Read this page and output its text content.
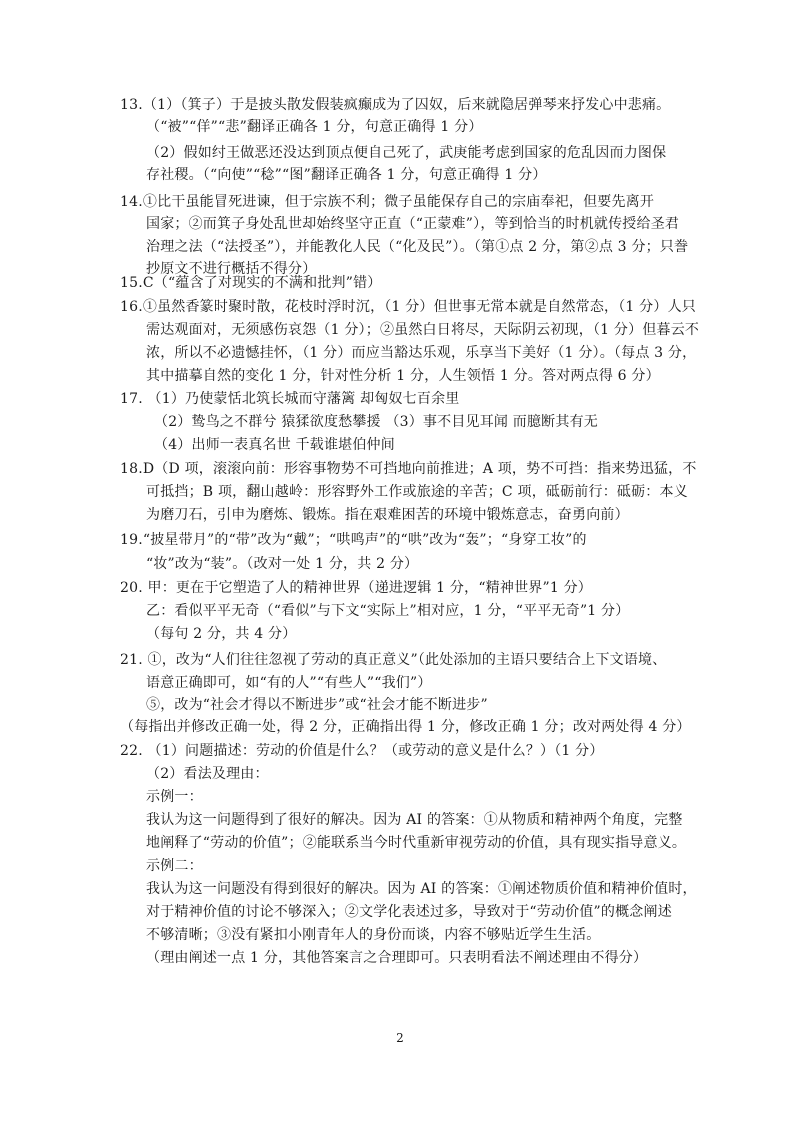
13.（1）（箕子）于是披头散发假装疯癫成为了囚奴，后来就隐居弹琴来抒发心中悲痛。
（“被”“佯”“悲”翻译正确各 1 分，句意正确得 1 分）
（2）假如纣王做恶还没达到顶点便自己死了，武庚能考虑到国家的危乱因而力图保
存社稷。（“向使”“稔”“图”翻译正确各 1 分，句意正确得 1 分）
14.①比干虽能冒死进谏，但于宗族不利；微子虽能保存自己的宗庙奉祀，但要先离开
国家；②而箕子身处乱世却始终坚守正直（“正蒙难”），等到恰当的时机就传授给圣君
治理之法（“法授圣”），并能教化人民（“化及民”）。（第①点 2 分，第②点 3 分；只誊
抄原文不进行概括不得分）
15.C（“蕴含了对现实的不满和批判”错）
16.①虽然香篆时聚时散，花枝时浮时沉，（1 分）但世事无常本就是自然常态，（1 分）人只
需达观面对，无须感伤哀怨（1 分）；②虽然白日将尽，天际阴云初现，（1 分）但暮云不
浓，所以不必遗憾挂怀，（1 分）而应当豁达乐观，乐享当下美好（1 分）。（每点 3 分，
其中描摹自然的变化 1 分，针对性分析 1 分，人生领悟 1 分。答对两点得 6 分）
17. （1）乃使蒙恬北筑长城而守藩篱 却匈奴七百余里
（2）鸷鸟之不群兮 猿猱欲度愁攀援 （3）事不目见耳闻 而臆断其有无
（4）出师一表真名世 千载谁堪伯仲间
18.D（D 项，滚滚向前：形容事物势不可挡地向前推进；A 项，势不可挡：指来势迅猛，不
可抵挡；B 项，翻山越岭：形容野外工作或旅途的辛苦；C 项，砥砺前行：砥砺：本义
为磨刀石，引申为磨炼、锻炼。指在艰难困苦的环境中锻炼意志，奋勇向前）
19.“披星带月”的“带”改为“戴”；“哄鸣声”的“哄”改为“轰”；“身穿工妆”的
“妆”改为“装”。（改对一处 1 分，共 2 分）
20. 甲：更在于它塑造了人的精神世界（递进逻辑 1 分，“精神世界”1 分）
乙：看似平平无奇（“看似”与下文“实际上”相对应，1 分，“平平无奇”1 分）
（每句 2 分，共 4 分）
21. ①，改为“人们往往忽视了劳动的真正意义”（此处添加的主语只要结合上下文语境、
语意正确即可，如“有的人”“有些人”“我们”）
⑤，改为“社会才得以不断进步”或“社会才能不断进步”
（每指出并修改正确一处，得 2 分，正确指出得 1 分，修改正确 1 分；改对两处得 4 分）
22. （1）问题描述：劳动的价值是什么？（或劳动的意义是什么？）（1 分）
（2）看法及理由：
示例一：
我认为这一问题得到了很好的解决。因为 AI 的答案：①从物质和精神两个角度，完整
地阐释了“劳动的价值”；②能联系当今时代重新审视劳动的价值，具有现实指导意义。
示例二：
我认为这一问题没有得到很好的解决。因为 AI 的答案：①阐述物质价值和精神价值时，
对于精神价值的讨论不够深入；②文学化表述过多，导致对于“劳动价值”的概念阐述
不够清晰；③没有紧扣小刚青年人的身份而谈，内容不够贴近学生生活。
（理由阐述一点 1 分，其他答案言之合理即可。只表明看法不阐述理由不得分）
2
